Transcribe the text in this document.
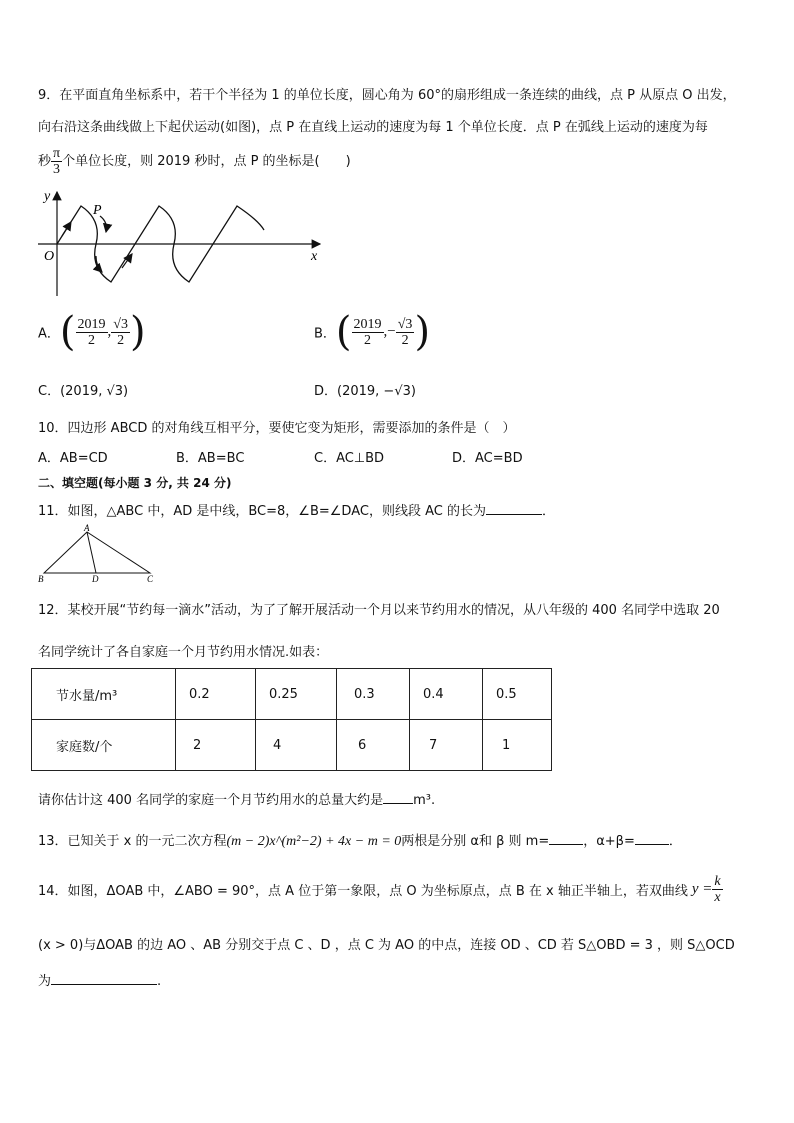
9．在平面直角坐标系中，若干个半径为 1 的单位长度，圆心角为 60°的扇形组成一条连续的曲线，点 P 从原点 O 出发，
向右沿这条曲线做上下起伏运动(如图)，点 P 在直线上运动的速度为每 1 个单位长度．点 P 在弧线上运动的速度为每
秒 $\frac{\pi}{3}$ 个单位长度，则 2019 秒时，点 P 的坐标是(　　)
y
x
O
P
A．( $\frac{2019}{2}$ , $\frac{√3}{2}$ )	B．( $\frac{2019}{2}$ ,− $\frac{√3}{2}$ )
C．(2019, √3)	D．(2019, −√3)
10．四边形 ABCD 的对角线互相平分，要使它变为矩形，需要添加的条件是（　）
A．AB=CD	B．AB=BC	C．AC⊥BD	D．AC=BD
二、填空题(每小题 3 分, 共 24 分)
11．如图，△ABC 中，AD 是中线，BC=8，∠B=∠DAC，则线段 AC 的长为	．
A
B	D	C
12．某校开展“节约每一滴水”活动，为了了解开展活动一个月以来节约用水的情况，从八年级的 400 名同学中选取 20
名同学统计了各自家庭一个月节约用水情况.如表：
节水量/m³	0.2	0.25	0.3	0.4	0.5
家庭数/个	2	4	6	7	1
请你估计这 400 名同学的家庭一个月节约用水的总量大约是 m³.
13．已知关于 x 的一元二次方程(m − 2)x^(m²−2) + 4x − m = 0两根是分别 α和 β 则 m=	，α+β=	．
14．如图，ΔOAB 中，∠ABO = 90°，点 A 位于第一象限，点 O 为坐标原点，点 B 在 x 轴正半轴上，若双曲线 $y = \frac{k}{x}$
(x > 0)与ΔOAB 的边 AO 、AB 分别交于点 C 、D ，点 C 为 AO 的中点，连接 OD 、CD 若 S△OBD = 3 ，则 S△OCD
为	.
